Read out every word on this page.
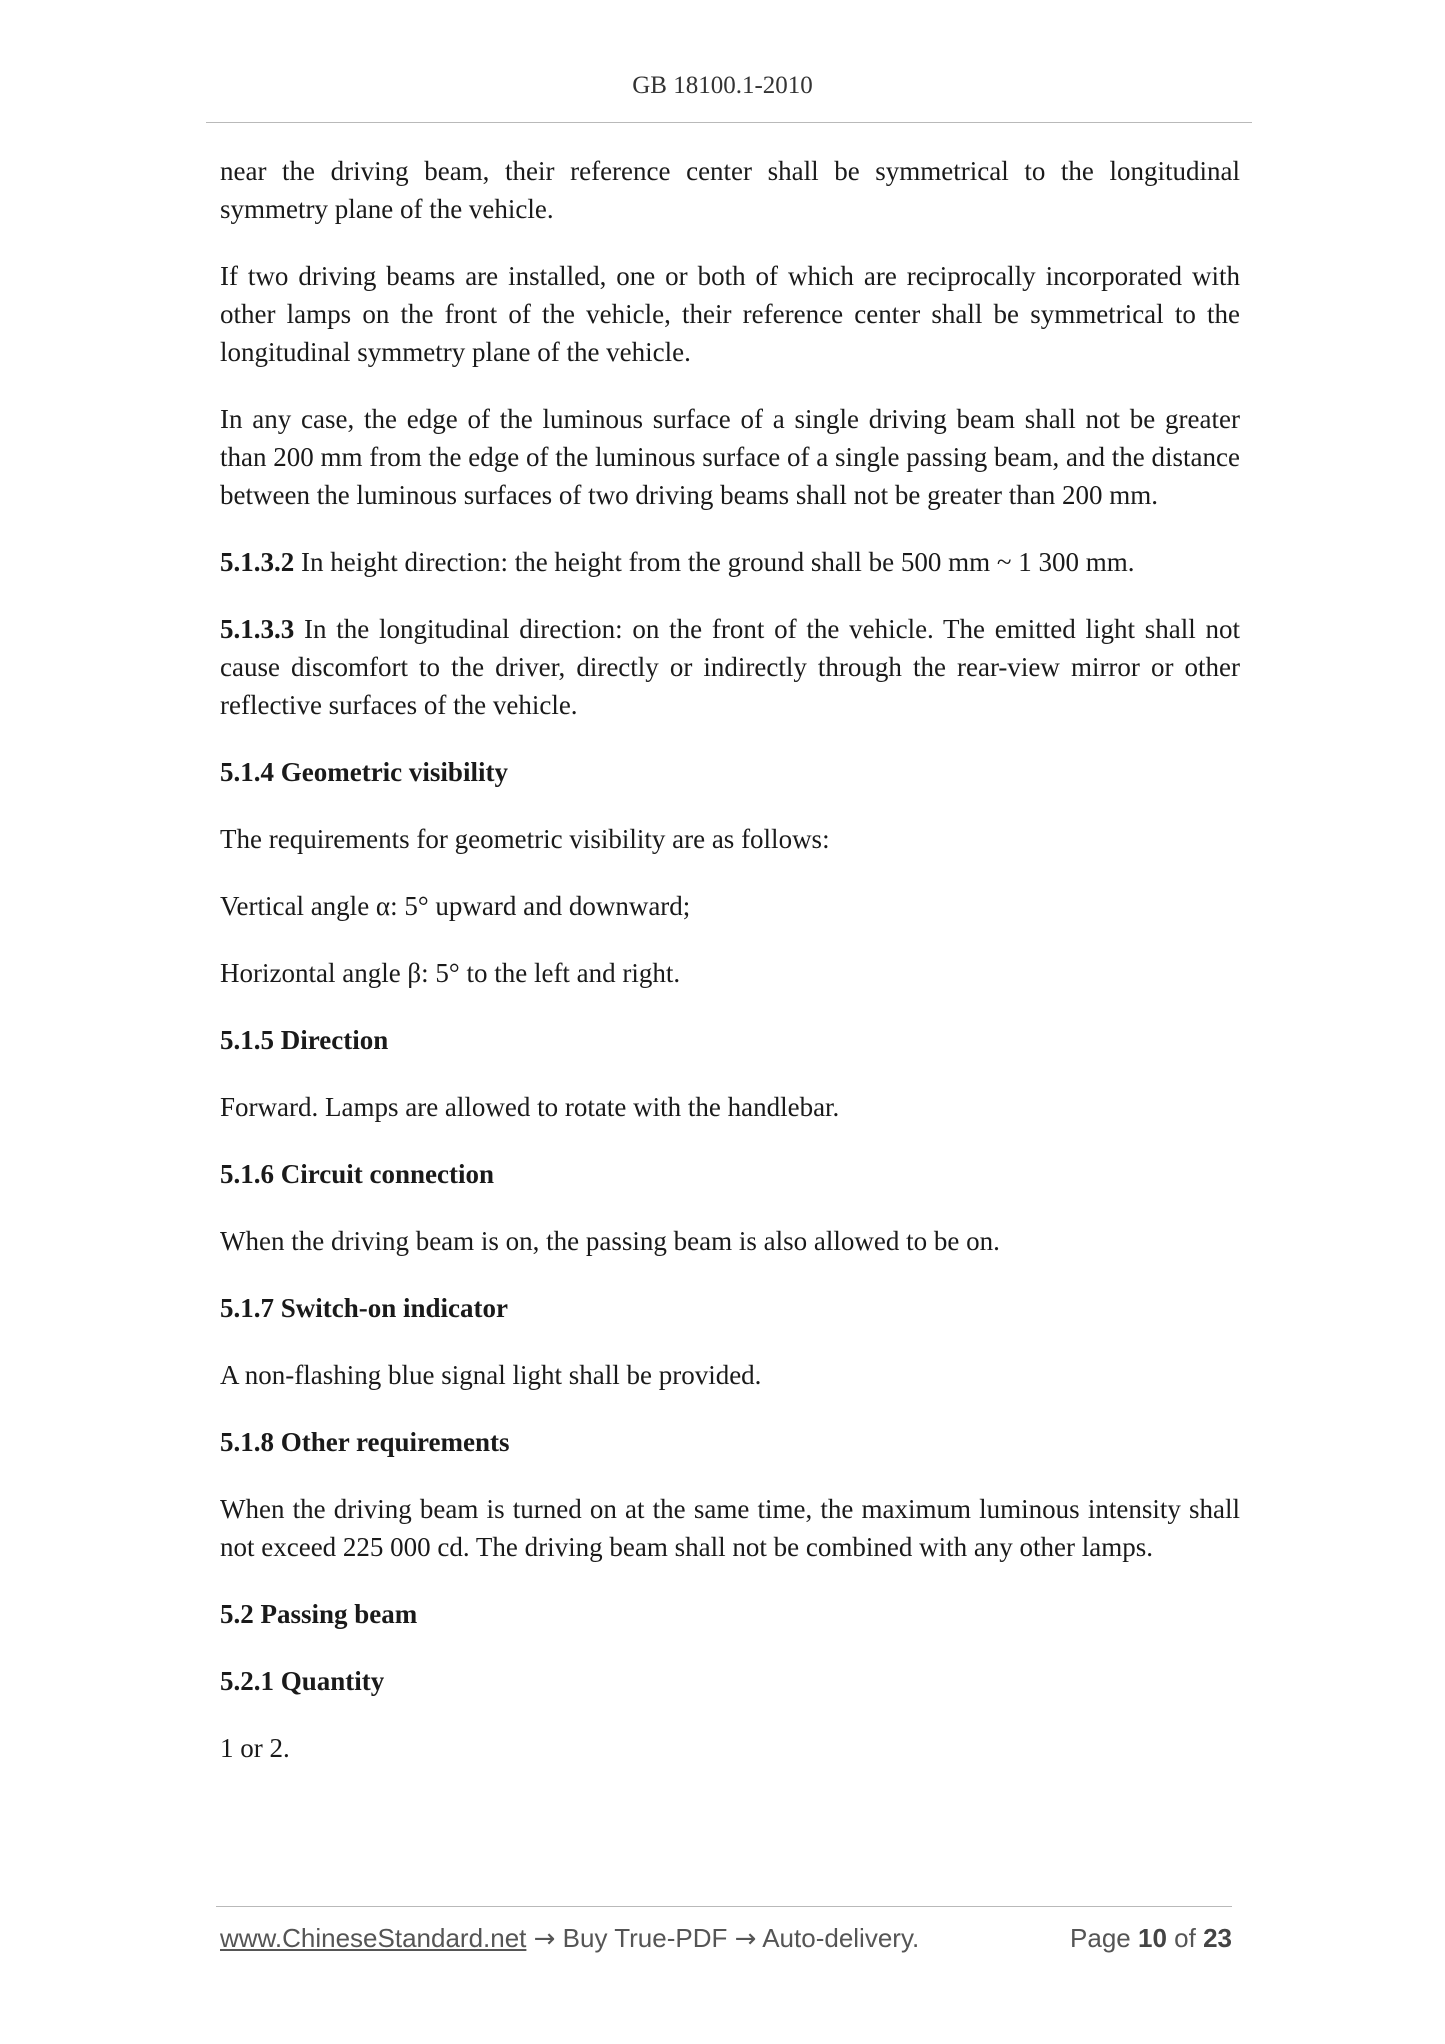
GB 18100.1-2010

near the driving beam, their reference center shall be symmetrical to the longitudinal symmetry plane of the vehicle.

If two driving beams are installed, one or both of which are reciprocally incorporated with other lamps on the front of the vehicle, their reference center shall be symmetrical to the longitudinal symmetry plane of the vehicle.

In any case, the edge of the luminous surface of a single driving beam shall not be greater than 200 mm from the edge of the luminous surface of a single passing beam, and the distance between the luminous surfaces of two driving beams shall not be greater than 200 mm.

5.1.3.2 In height direction: the height from the ground shall be 500 mm ~ 1 300 mm.

5.1.3.3 In the longitudinal direction: on the front of the vehicle. The emitted light shall not cause discomfort to the driver, directly or indirectly through the rear-view mirror or other reflective surfaces of the vehicle.

5.1.4 Geometric visibility

The requirements for geometric visibility are as follows:

Vertical angle α: 5° upward and downward;

Horizontal angle β: 5° to the left and right.

5.1.5 Direction

Forward. Lamps are allowed to rotate with the handlebar.

5.1.6 Circuit connection

When the driving beam is on, the passing beam is also allowed to be on.

5.1.7 Switch-on indicator

A non-flashing blue signal light shall be provided.

5.1.8 Other requirements

When the driving beam is turned on at the same time, the maximum luminous intensity shall not exceed 225 000 cd. The driving beam shall not be combined with any other lamps.

5.2 Passing beam

5.2.1 Quantity

1 or 2.

www.ChineseStandard.net → Buy True-PDF → Auto-delivery.	Page 10 of 23
